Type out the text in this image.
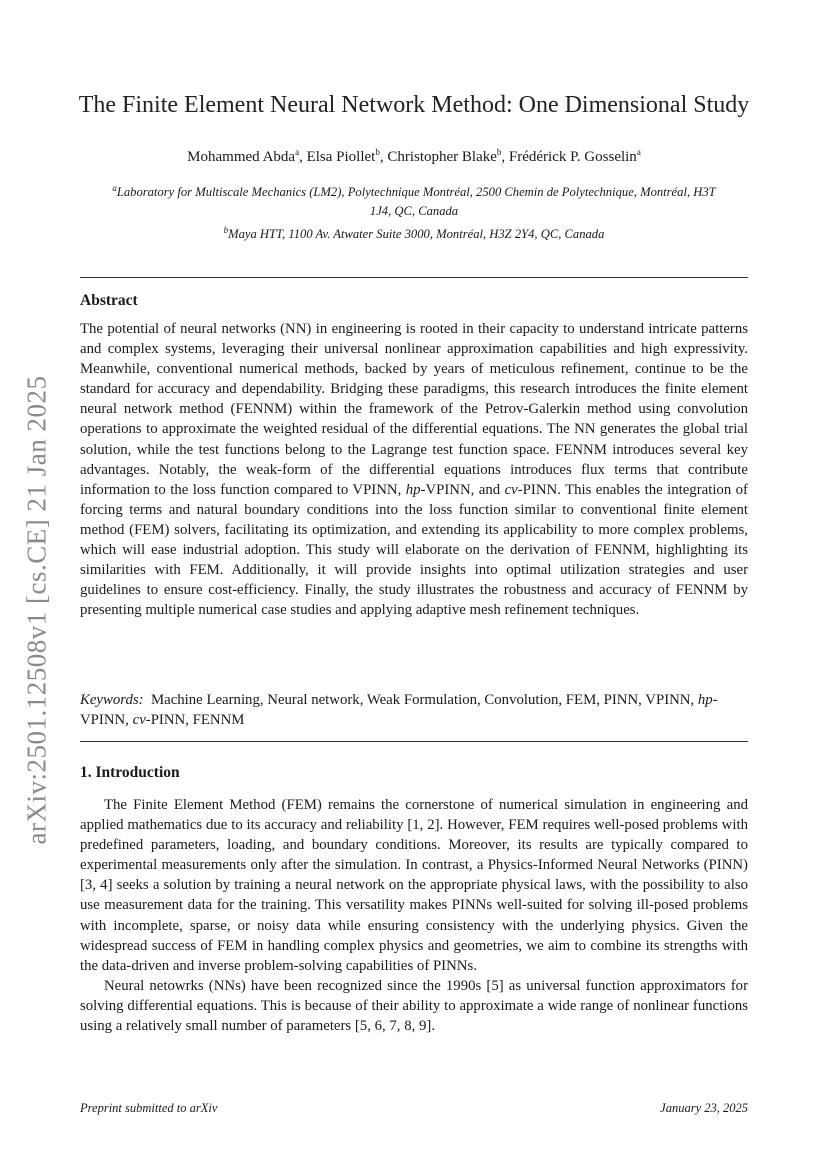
arXiv:2501.12508v1 [cs.CE] 21 Jan 2025
The Finite Element Neural Network Method: One Dimensional Study
Mohammed Abda$^a$, Elsa Piollet$^b$, Christopher Blake$^b$, Frédérick P. Gosselin$^a$
$^a$Laboratory for Multiscale Mechanics (LM2), Polytechnique Montréal, 2500 Chemin de Polytechnique, Montréal, H3T 1J4, QC, Canada
$^b$Maya HTT, 1100 Av. Atwater Suite 3000, Montréal, H3Z 2Y4, QC, Canada
Abstract
The potential of neural networks (NN) in engineering is rooted in their capacity to understand intricate patterns and complex systems, leveraging their universal nonlinear approximation capabilities and high expressivity. Meanwhile, conventional numerical methods, backed by years of meticulous refinement, continue to be the standard for accuracy and dependability. Bridging these paradigms, this research introduces the finite element neural network method (FENNM) within the framework of the Petrov-Galerkin method using convolution operations to approximate the weighted residual of the differential equations. The NN generates the global trial solution, while the test functions belong to the Lagrange test function space. FENNM introduces several key advantages. Notably, the weak-form of the differential equations introduces flux terms that contribute information to the loss function compared to VPINN, hp-VPINN, and cv-PINN. This enables the integration of forcing terms and natural boundary conditions into the loss function similar to conventional finite element method (FEM) solvers, facilitating its optimization, and extending its applicability to more complex problems, which will ease industrial adoption. This study will elaborate on the derivation of FENNM, highlighting its similarities with FEM. Additionally, it will provide insights into optimal utilization strategies and user guidelines to ensure cost-efficiency. Finally, the study illustrates the robustness and accuracy of FENNM by presenting multiple numerical case studies and applying adaptive mesh refinement techniques.
Keywords: Machine Learning, Neural network, Weak Formulation, Convolution, FEM, PINN, VPINN, hp-VPINN, cv-PINN, FENNM
1. Introduction

The Finite Element Method (FEM) remains the cornerstone of numerical simulation in engineering and applied mathematics due to its accuracy and reliability [1, 2]. However, FEM requires well-posed problems with predefined parameters, loading, and boundary conditions. Moreover, its results are typically compared to experimental measurements only after the simulation. In contrast, a Physics-Informed Neural Networks (PINN) [3, 4] seeks a solution by training a neural network on the appropriate physical laws, with the possibility to also use measurement data for the training. This versatility makes PINNs well-suited for solving ill-posed problems with incomplete, sparse, or noisy data while ensuring consistency with the underlying physics. Given the widespread success of FEM in handling complex physics and geometries, we aim to combine its strengths with the data-driven and inverse problem-solving capabilities of PINNs.

Neural netowrks (NNs) have been recognized since the 1990s [5] as universal function approximators for solving differential equations. This is because of their ability to approximate a wide range of nonlinear functions using a relatively small number of parameters [5, 6, 7, 8, 9].

Preprint submitted to arXiv	January 23, 2025
